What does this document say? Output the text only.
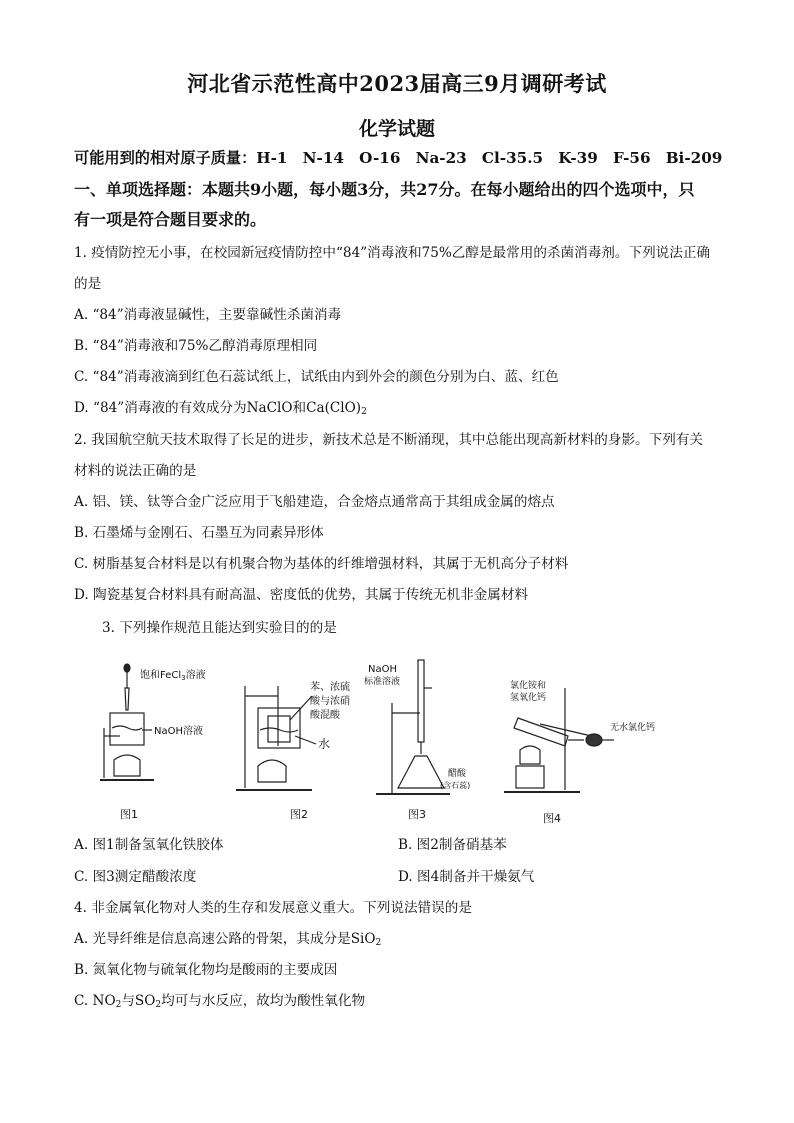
河北省示范性高中2023届高三9月调研考试
化学试题
可能用到的相对原子质量：H-1　N-14　O-16　Na-23　Cl-35.5　K-39　F-56　Bi-209
一、单项选择题：本题共9小题，每小题3分，共27分。在每小题给出的四个选项中，只
有一项是符合题目要求的。
1. 疫情防控无小事，在校园新冠疫情防控中“84”消毒液和75%乙醇是最常用的杀菌消毒剂。下列说法正确
的是
A. “84”消毒液显碱性，主要靠碱性杀菌消毒
B. “84”消毒液和75%乙醇消毒原理相同
C. “84”消毒液滴到红色石蕊试纸上，试纸由内到外会的颜色分别为白、蓝、红色
D. “84”消毒液的有效成分为NaClO和$Ca(ClO)_2$
2. 我国航空航天技术取得了长足的进步，新技术总是不断涌现，其中总能出现高新材料的身影。下列有关
材料的说法正确的是
A. 铝、镁、钛等合金广泛应用于飞船建造，合金熔点通常高于其组成金属的熔点
B. 石墨烯与金刚石、石墨互为同素异形体
C. 树脂基复合材料是以有机聚合物为基体的纤维增强材料，其属于无机高分子材料
D. 陶瓷基复合材料具有耐高温、密度低的优势，其属于传统无机非金属材料
3. 下列操作规范且能达到实验目的的是
饱和FeCl$_3$溶液
NaOH溶液
图1
苯、浓硫
酸与浓硝
酸混酸
水
图2
NaOH
标准溶液
醋酸
(含石蕊)
图3
氯化铵和
氢氧化钙
无水氯化钙
图4
A. 图1制备氢氧化铁胶体	B. 图2制备硝基苯
C. 图3测定醋酸浓度	D. 图4制备并干燥氨气
4. 非金属氧化物对人类的生存和发展意义重大。下列说法错误的是
A. 光导纤维是信息高速公路的骨架，其成分是SiO$_2$
B. 氮氧化物与硫氧化物均是酸雨的主要成因
C. $NO_2$与$SO_2$均可与水反应，故均为酸性氧化物
